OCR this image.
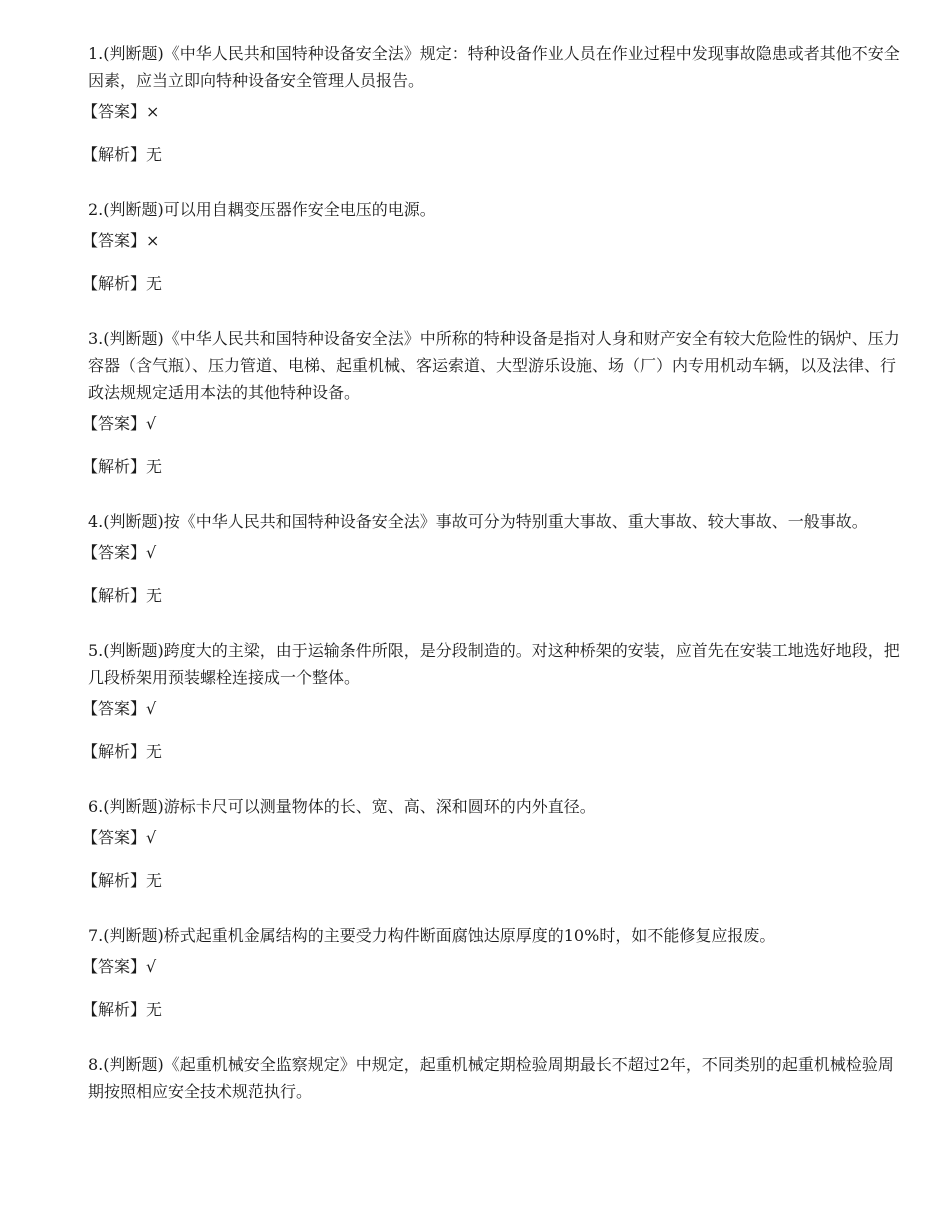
1.(判断题)《中华人民共和国特种设备安全法》规定：特种设备作业人员在作业过程中发现事故隐患或者其他不安全因素，应当立即向特种设备安全管理人员报告。

【答案】×

【解析】无

2.(判断题)可以用自耦变压器作安全电压的电源。

【答案】×

【解析】无

3.(判断题)《中华人民共和国特种设备安全法》中所称的特种设备是指对人身和财产安全有较大危险性的锅炉、压力容器（含气瓶）、压力管道、电梯、起重机械、客运索道、大型游乐设施、场（厂）内专用机动车辆，以及法律、行政法规规定适用本法的其他特种设备。

【答案】√

【解析】无

4.(判断题)按《中华人民共和国特种设备安全法》事故可分为特别重大事故、重大事故、较大事故、一般事故。

【答案】√

【解析】无

5.(判断题)跨度大的主梁，由于运输条件所限，是分段制造的。对这种桥架的安装，应首先在安装工地选好地段，把几段桥架用预装螺栓连接成一个整体。

【答案】√

【解析】无

6.(判断题)游标卡尺可以测量物体的长、宽、高、深和圆环的内外直径。

【答案】√

【解析】无

7.(判断题)桥式起重机金属结构的主要受力构件断面腐蚀达原厚度的10%时，如不能修复应报废。

【答案】√

【解析】无

8.(判断题)《起重机械安全监察规定》中规定，起重机械定期检验周期最长不超过2年，不同类别的起重机械检验周期按照相应安全技术规范执行。
